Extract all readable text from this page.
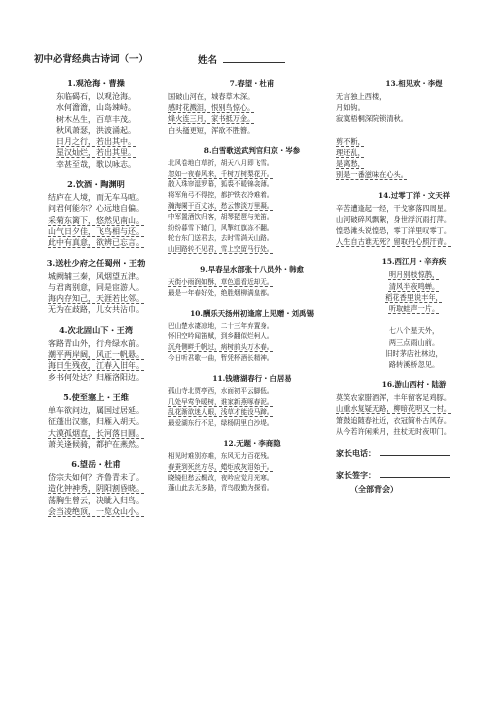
初中必背经典古诗词（一）	姓名
1.观沧海・曹操
东临碣石，以观沧海。
水何澹澹，山岛竦峙。
树木丛生，百草丰茂。
秋风萧瑟，洪波涌起。
日月之行，若出其中。
星汉灿烂，若出其里。
幸甚至哉，歌以咏志。
2.饮酒・陶渊明
结庐在人境，而无车马喧。
问君何能尔？心远地自偏。
采菊东篱下，悠然见南山。
山气日夕佳，飞鸟相与还。
此中有真意，欲辨已忘言。
3.送杜少府之任蜀州・王勃
城阙辅三秦，风烟望五津。
与君离别意，同是宦游人。
海内存知己，天涯若比邻。
无为在歧路，儿女共沾巾。
4.次北固山下・王湾
客路青山外，行舟绿水前。
潮平两岸阔，风正一帆悬。
海日生残夜，江春入旧年。
乡书何处达？归雁洛阳边。
5.使至塞上・王维
单车欲问边，属国过居延。
征蓬出汉塞，归雁入胡天。
大漠孤烟直，长河落日圆。
萧关逢候骑，都护在燕然。
6.望岳・杜甫
岱宗夫如何？齐鲁青未了。
造化钟神秀，阴阳割昏晓。
荡胸生曾云，决眦入归鸟。
会当凌绝顶，一览众山小。
7.春望・杜甫
国破山河在，城春草木深。
感时花溅泪，恨别鸟惊心。
烽火连三月，家书抵万金。
白头搔更短，浑欲不胜簪。
8.白雪歌送武判官归京・岑参
北风卷地白草折，胡天八月即飞雪。
忽如一夜春风来，千树万树梨花开。
散入珠帘湿罗幕，狐裘不暖锦衾薄。
将军角弓不得控，都护铁衣冷难着。
瀚海阑干百丈冰，愁云惨淡万里凝。
中军置酒饮归客，胡琴琵琶与羌笛。
纷纷暮雪下辕门，风掣红旗冻不翻。
轮台东门送君去，去时雪满天山路。
山回路转不见君，雪上空留马行处。
9.早春呈水部张十八员外・韩愈
天街小雨润如酥，草色遥看近却无。
最是一年春好处，绝胜烟柳满皇都。
10.酬乐天扬州初逢席上见赠・刘禹锡
巴山楚水凄凉地，二十三年弃置身。
怀旧空吟闻笛赋，到乡翻似烂柯人。
沉舟侧畔千帆过，病树前头万木春。
今日听君歌一曲，暂凭杯酒长精神。
11.钱塘湖春行・白居易
孤山寺北贾亭西，水面初平云脚低。
几处早莺争暖树，谁家新燕啄春泥。
乱花渐欲迷人眼，浅草才能没马蹄。
最爱湖东行不足，绿杨阴里白沙堤。
12.无题・李商隐
相见时难别亦难，东风无力百花残。
春蚕到死丝方尽，蜡炬成灰泪始干。
晓镜但愁云鬓改，夜吟应觉月光寒。
蓬山此去无多路，青鸟殷勤为探看。
13.相见欢・李煜
无言独上西楼，
月如钩。
寂寞梧桐深院锁清秋。

剪不断，
理还乱，
是离愁，
别是一番滋味在心头。
14.过零丁洋・文天祥
辛苦遭逢起一经，干戈寥落四周星。
山河破碎风飘絮，身世浮沉雨打萍。
惶恐滩头说惶恐，零丁洋里叹零丁。
人生自古谁无死？留取丹心照汗青。
15.西江月・辛弃疾
明月别枝惊鹊，
清风半夜鸣蝉。
稻花香里说丰年，
听取蛙声一片。

七八个星天外，
两三点雨山前。
旧时茅店社林边，
路转溪桥忽见。
16.游山西村・陆游
莫笑农家腊酒浑，丰年留客足鸡豚。
山重水复疑无路，柳暗花明又一村。
箫鼓追随春社近，衣冠简朴古风存。
从今若许闲乘月，拄杖无时夜叩门。
家长电话：
家长签字：
（全部背会）
